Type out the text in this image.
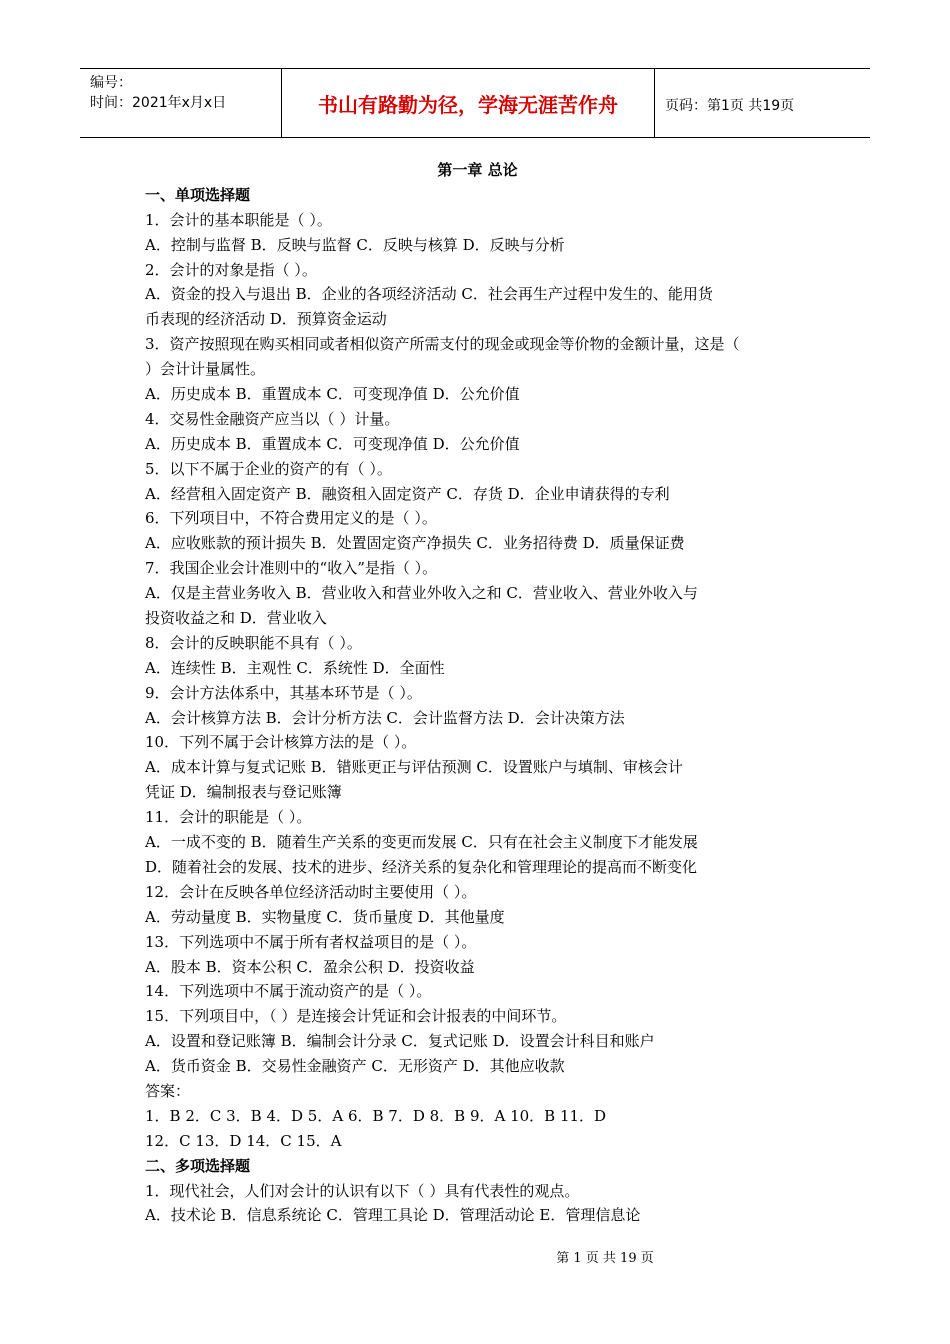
编号：
时间：2021年x月x日	书山有路勤为径，学海无涯苦作舟	页码：第1页 共19页
第一章 总论
一、单项选择题
1．会计的基本职能是（ ）。
A．控制与监督 B．反映与监督 C．反映与核算 D．反映与分析
2．会计的对象是指（ ）。
A．资金的投入与退出 B．企业的各项经济活动 C．社会再生产过程中发生的、能用货
币表现的经济活动 D．预算资金运动
3．资产按照现在购买相同或者相似资产所需支付的现金或现金等价物的金额计量，这是（
）会计计量属性。
A．历史成本 B．重置成本 C．可变现净值 D．公允价值
4．交易性金融资产应当以（ ）计量。
A．历史成本 B．重置成本 C．可变现净值 D．公允价值
5．以下不属于企业的资产的有（ ）。
A．经营租入固定资产 B．融资租入固定资产 C．存货 D．企业申请获得的专利
6．下列项目中，不符合费用定义的是（ ）。
A．应收账款的预计损失 B．处置固定资产净损失 C．业务招待费 D．质量保证费
7．我国企业会计准则中的“收入”是指（ ）。
A．仅是主营业务收入 B．营业收入和营业外收入之和 C．营业收入、营业外收入与
投资收益之和 D．营业收入
8．会计的反映职能不具有（ ）。
A．连续性 B．主观性 C．系统性 D．全面性
9．会计方法体系中，其基本环节是（ ）。
A．会计核算方法 B．会计分析方法 C．会计监督方法 D．会计决策方法
10．下列不属于会计核算方法的是（ ）。
A．成本计算与复式记账 B．错账更正与评估预测 C．设置账户与填制、审核会计
凭证 D．编制报表与登记账簿
11．会计的职能是（ ）。
A．一成不变的 B．随着生产关系的变更而发展 C．只有在社会主义制度下才能发展
D．随着社会的发展、技术的进步、经济关系的复杂化和管理理论的提高而不断变化
12．会计在反映各单位经济活动时主要使用（ ）。
A．劳动量度 B．实物量度 C．货币量度 D．其他量度
13．下列选项中不属于所有者权益项目的是（ ）。
A．股本 B．资本公积 C．盈余公积 D．投资收益
14．下列选项中不属于流动资产的是（ ）。
15．下列项目中，（ ）是连接会计凭证和会计报表的中间环节。
A．设置和登记账簿 B．编制会计分录 C．复式记账 D．设置会计科目和账户
A．货币资金 B．交易性金融资产 C．无形资产 D．其他应收款
答案：
1．B 2．C 3．B 4．D 5．A 6．B 7．D 8．B 9．A 10．B 11．D
12．C 13．D 14．C 15．A
二、多项选择题
1．现代社会，人们对会计的认识有以下（ ）具有代表性的观点。
A．技术论 B．信息系统论 C．管理工具论 D．管理活动论 E．管理信息论
第 1 页 共 19 页
